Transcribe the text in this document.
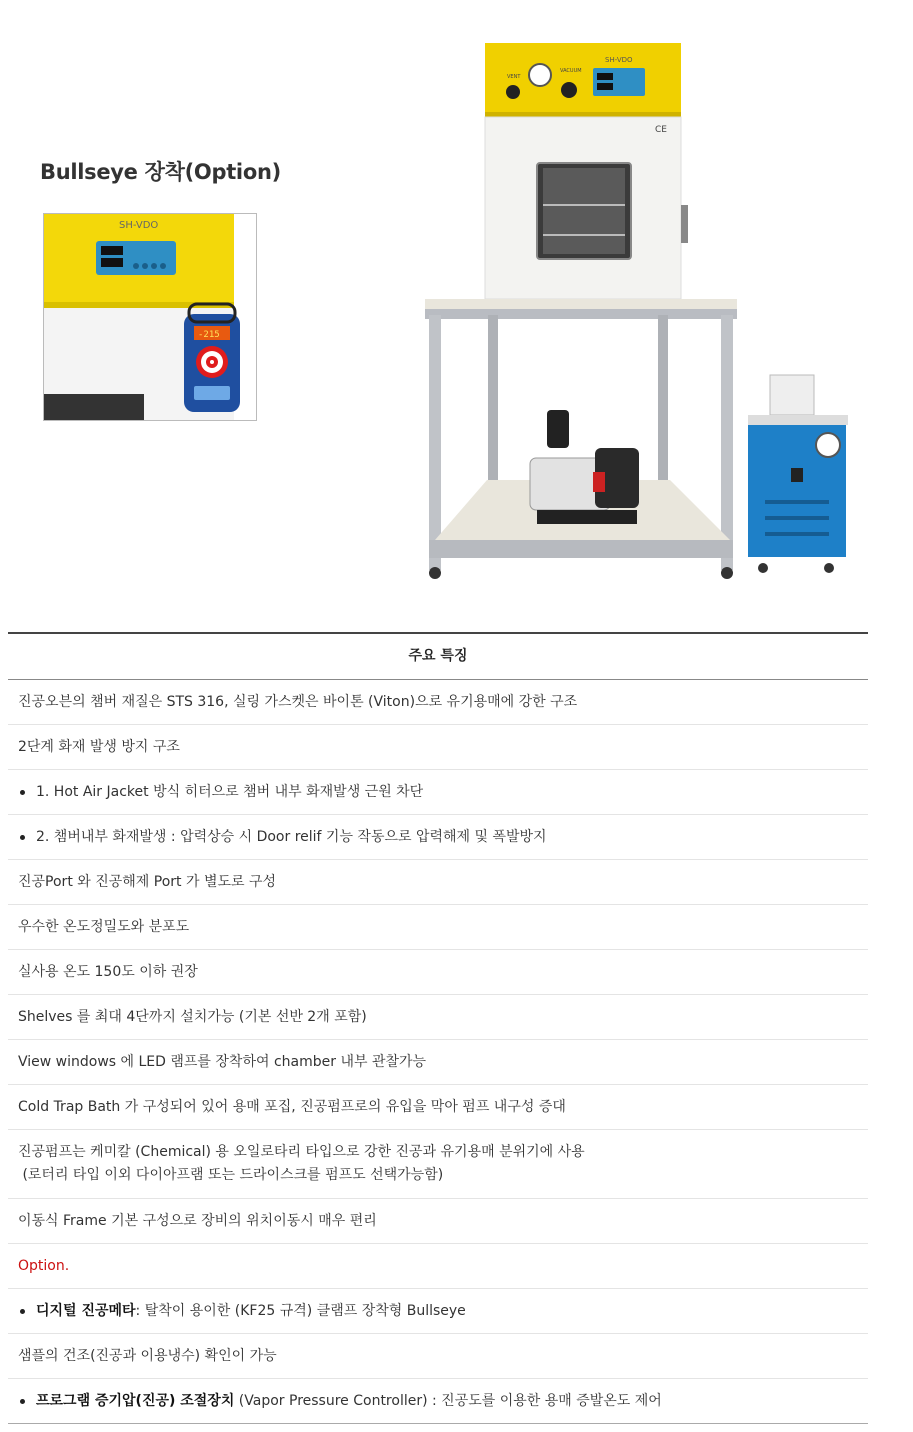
Bullseye 장착(Option)
SH-VDO
-215
SH-VDO
VENT
VACUUM
CE
주요 특징
진공오븐의 챔버 재질은 STS 316, 실링 가스켓은 바이톤 (Viton)으로 유기용매에 강한 구조
2단계 화재 발생 방지 구조
1. Hot Air Jacket 방식 히터으로 챔버 내부 화재발생 근원 차단
2. 챔버내부 화재발생 : 압력상승 시 Door relif 기능 작동으로 압력해제 및 폭발방지
진공Port 와 진공해제 Port 가 별도로 구성
우수한 온도정밀도와 분포도
실사용 온도 150도 이하 권장
Shelves 를 최대 4단까지 설치가능 (기본 선반 2개 포함)
View windows 에 LED 램프를 장착하여 chamber 내부 관찰가능
Cold Trap Bath 가 구성되어 있어 용매 포집, 진공펌프로의 유입을 막아 펌프 내구성 증대
진공펌프는 케미칼 (Chemical) 용 오일로타리 타입으로 강한 진공과 유기용매 분위기에 사용
(로터리 타입 이외 다이아프램 또는 드라이스크를 펌프도 선택가능함)
이동식 Frame 기본 구성으로 장비의 위치이동시 매우 편리
Option.
디지털 진공메타 : 탈착이 용이한 (KF25 규격) 클램프 장착형 Bullseye
샘플의 건조(진공과 이용냉수) 확인이 가능
프로그램 증기압(진공) 조절장치 (Vapor Pressure Controller) : 진공도를 이용한 용매 증발온도 제어
